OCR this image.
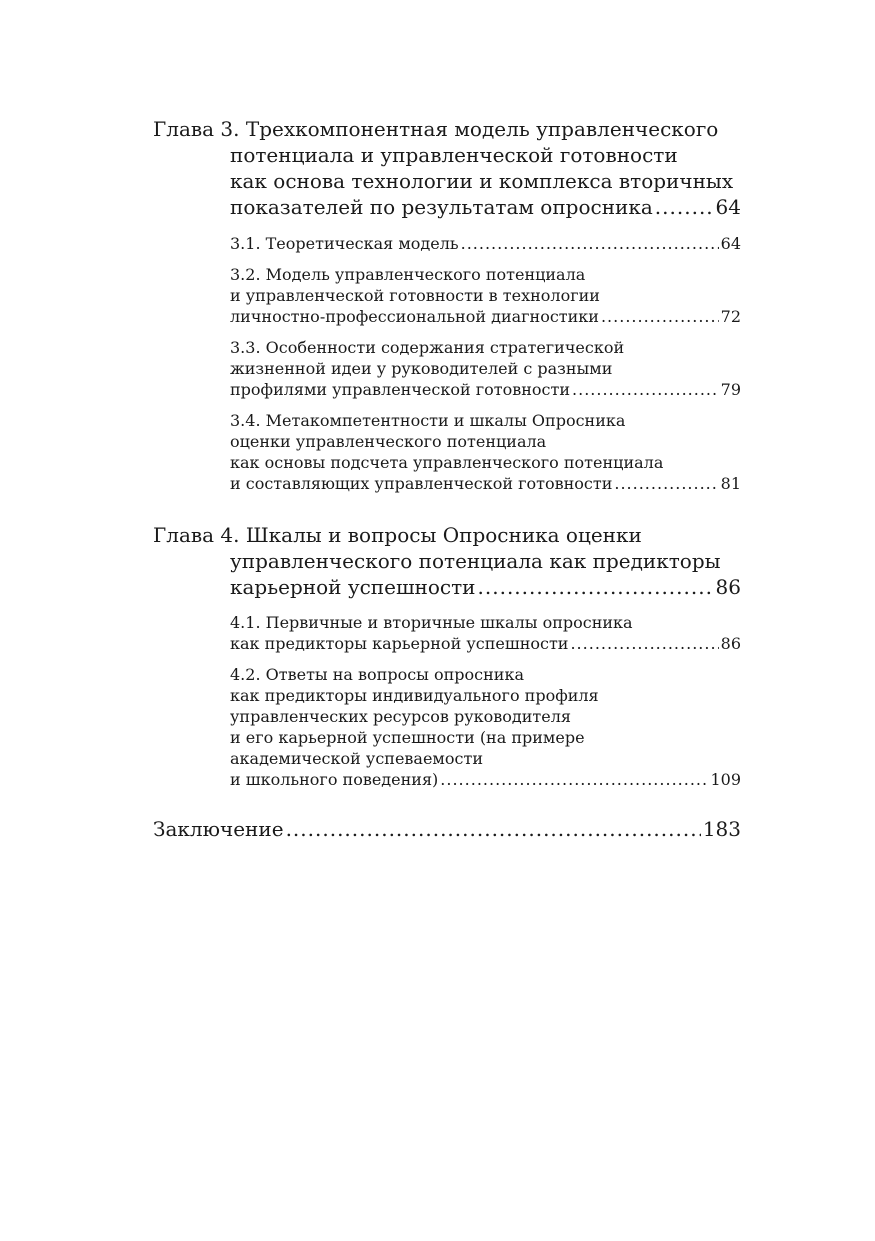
Глава 3. Трехкомпонентная модель управленческого
потенциала и управленческой готовности
как основа технологии и комплекса вторичных
показателей по результатам опросника .....	64
3.1. Теоретическая модель .....	64
3.2. Модель управленческого потенциала
и управленческой готовности в технологии
личностно-профессиональной диагностики .....	72
3.3. Особенности содержания стратегической
жизненной идеи у руководителей с разными
профилями управленческой готовности .....	79
3.4. Метакомпетентности и шкалы Опросника
оценки управленческого потенциала
как основы подсчета управленческого потенциала
и составляющих управленческой готовности .....	81
Глава 4. Шкалы и вопросы Опросника оценки
управленческого потенциала как предикторы
карьерной успешности .....	86
4.1. Первичные и вторичные шкалы опросника
как предикторы карьерной успешности .....	86
4.2. Ответы на вопросы опросника
как предикторы индивидуального профиля
управленческих ресурсов руководителя
и его карьерной успешности (на примере
академической успеваемости
и школьного поведения) .....	109
Заключение .....	183
